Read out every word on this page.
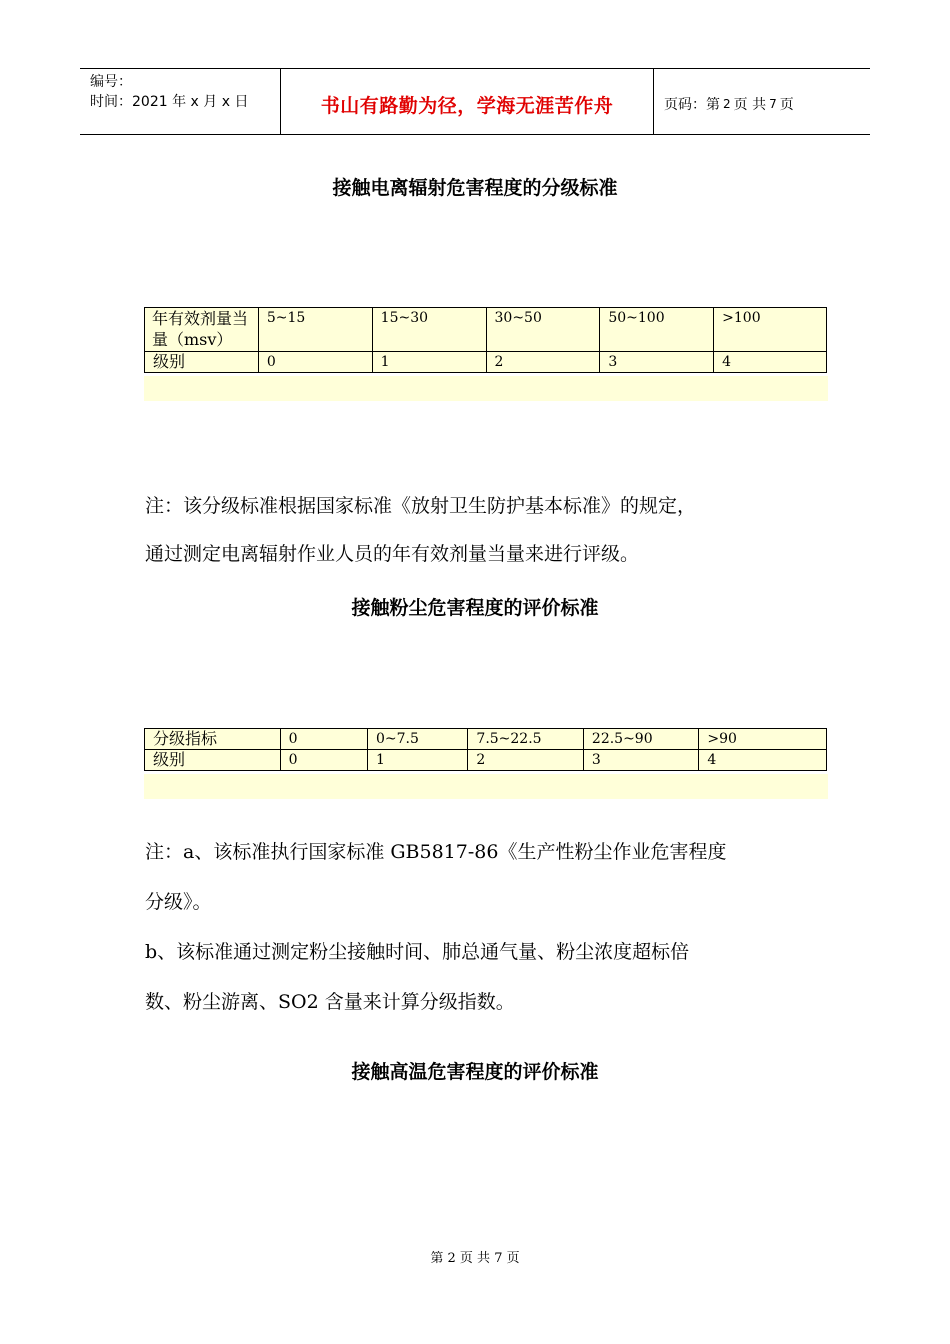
编号：
时间：2021 年 x 月 x 日	书山有路勤为径，学海无涯苦作舟	页码：第 2 页 共 7 页
接触电离辐射危害程度的分级标准
年有效剂量当量（msv）	5~15	15~30	30~50	50~100	>100
级别	0	1	2	3	4
注：该分级标准根据国家标准《放射卫生防护基本标准》的规定，
通过测定电离辐射作业人员的年有效剂量当量来进行评级。
接触粉尘危害程度的评价标准
分级指标	0	0~7.5	7.5~22.5	22.5~90	>90
级别	0	1	2	3	4
注：a、该标准执行国家标准 GB5817-86《生产性粉尘作业危害程度
分级》。
b、该标准通过测定粉尘接触时间、肺总通气量、粉尘浓度超标倍
数、粉尘游离、SO2 含量来计算分级指数。
接触高温危害程度的评价标准
第 2 页 共 7 页
